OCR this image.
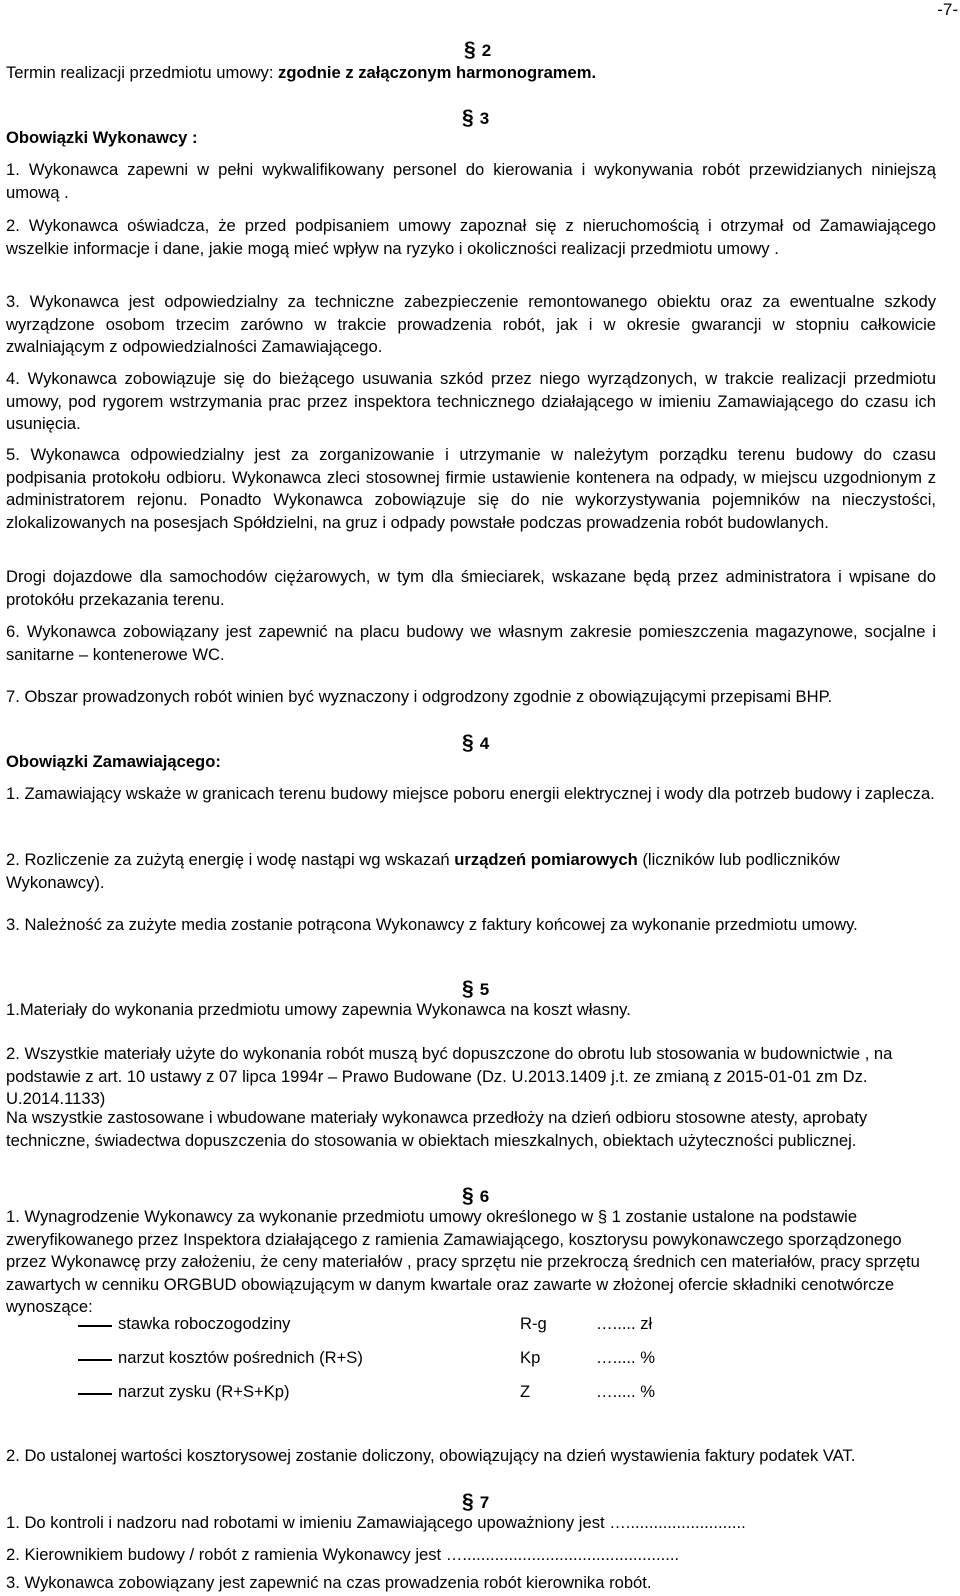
-7-
§ 2

Termin realizacji przedmiotu umowy: zgodnie z załączonym harmonogramem.

§ 3

Obowiązki Wykonawcy :

1. Wykonawca zapewni w pełni wykwalifikowany personel do kierowania i wykonywania robót przewidzianych niniejszą umową .

2. Wykonawca oświadcza, że przed podpisaniem umowy zapoznał się z nieruchomością i otrzymał od Zamawiającego wszelkie informacje i dane, jakie mogą mieć wpływ na ryzyko i okoliczności realizacji przedmiotu umowy .

3. Wykonawca jest odpowiedzialny za techniczne zabezpieczenie remontowanego obiektu oraz za ewentualne szkody wyrządzone osobom trzecim zarówno w trakcie prowadzenia robót, jak i w okresie gwarancji w stopniu całkowicie zwalniającym z odpowiedzialności Zamawiającego.

4. Wykonawca zobowiązuje się do bieżącego usuwania szkód przez niego wyrządzonych, w trakcie realizacji przedmiotu umowy, pod rygorem wstrzymania prac przez inspektora technicznego działającego w imieniu Zamawiającego do czasu ich usunięcia.

5. Wykonawca odpowiedzialny jest za zorganizowanie i utrzymanie w należytym porządku terenu budowy do czasu podpisania protokołu odbioru. Wykonawca zleci stosownej firmie ustawienie kontenera na odpady, w miejscu uzgodnionym z administratorem rejonu. Ponadto Wykonawca zobowiązuje się do nie wykorzystywania pojemników na nieczystości, zlokalizowanych na posesjach Spółdzielni, na gruz i odpady powstałe podczas prowadzenia robót budowlanych.

Drogi dojazdowe dla samochodów ciężarowych, w tym dla śmieciarek, wskazane będą przez administratora i wpisane do protokółu przekazania terenu.

6. Wykonawca zobowiązany jest zapewnić na placu budowy we własnym zakresie pomieszczenia magazynowe, socjalne i sanitarne – kontenerowe WC.

7. Obszar prowadzonych robót winien być wyznaczony i odgrodzony zgodnie z obowiązującymi przepisami BHP.

§ 4

Obowiązki Zamawiającego:

1. Zamawiający wskaże w granicach terenu budowy miejsce poboru energii elektrycznej i wody dla potrzeb budowy i zaplecza.

2. Rozliczenie za zużytą energię i wodę nastąpi wg wskazań urządzeń pomiarowych (liczników lub podliczników Wykonawcy).

3. Należność za zużyte media zostanie potrącona Wykonawcy z faktury końcowej za wykonanie przedmiotu umowy.

§ 5

1.Materiały do wykonania przedmiotu umowy zapewnia Wykonawca na koszt własny.

2. Wszystkie materiały użyte do wykonania robót muszą być dopuszczone do obrotu lub stosowania w budownictwie , na podstawie z art. 10 ustawy z 07 lipca 1994r – Prawo Budowane (Dz. U.2013.1409 j.t. ze zmianą z 2015-01-01 zm Dz. U.2014.1133)

Na wszystkie zastosowane i wbudowane materiały wykonawca przedłoży na dzień odbioru stosowne atesty, aprobaty techniczne, świadectwa dopuszczenia do stosowania w obiektach mieszkalnych, obiektach użyteczności publicznej.

§ 6

1. Wynagrodzenie Wykonawcy za wykonanie przedmiotu umowy określonego w § 1 zostanie ustalone na podstawie zweryfikowanego przez Inspektora działającego z ramienia Zamawiającego, kosztorysu powykonawczego sporządzonego przez Wykonawcę przy założeniu, że ceny materiałów , pracy sprzętu nie przekroczą średnich cen materiałów, pracy sprzętu zawartych w cenniku ORGBUD obowiązującym w danym kwartale oraz zawarte w złożonej ofercie składniki cenotwórcze wynoszące:

stawka roboczogodziny	R-g	…..... zł
narzut kosztów pośrednich (R+S)	Kp	…..... %
narzut zysku (R+S+Kp)	Z	…..... %

2. Do ustalonej wartości kosztorysowej zostanie doliczony, obowiązujący na dzień wystawienia faktury podatek VAT.

§ 7

1. Do kontroli i nadzoru nad robotami w imieniu Zamawiającego upoważniony jest …..........................

2. Kierownikiem budowy / robót z ramienia Wykonawcy jest …...............................................

3. Wykonawca zobowiązany jest zapewnić na czas prowadzenia robót kierownika robót.
